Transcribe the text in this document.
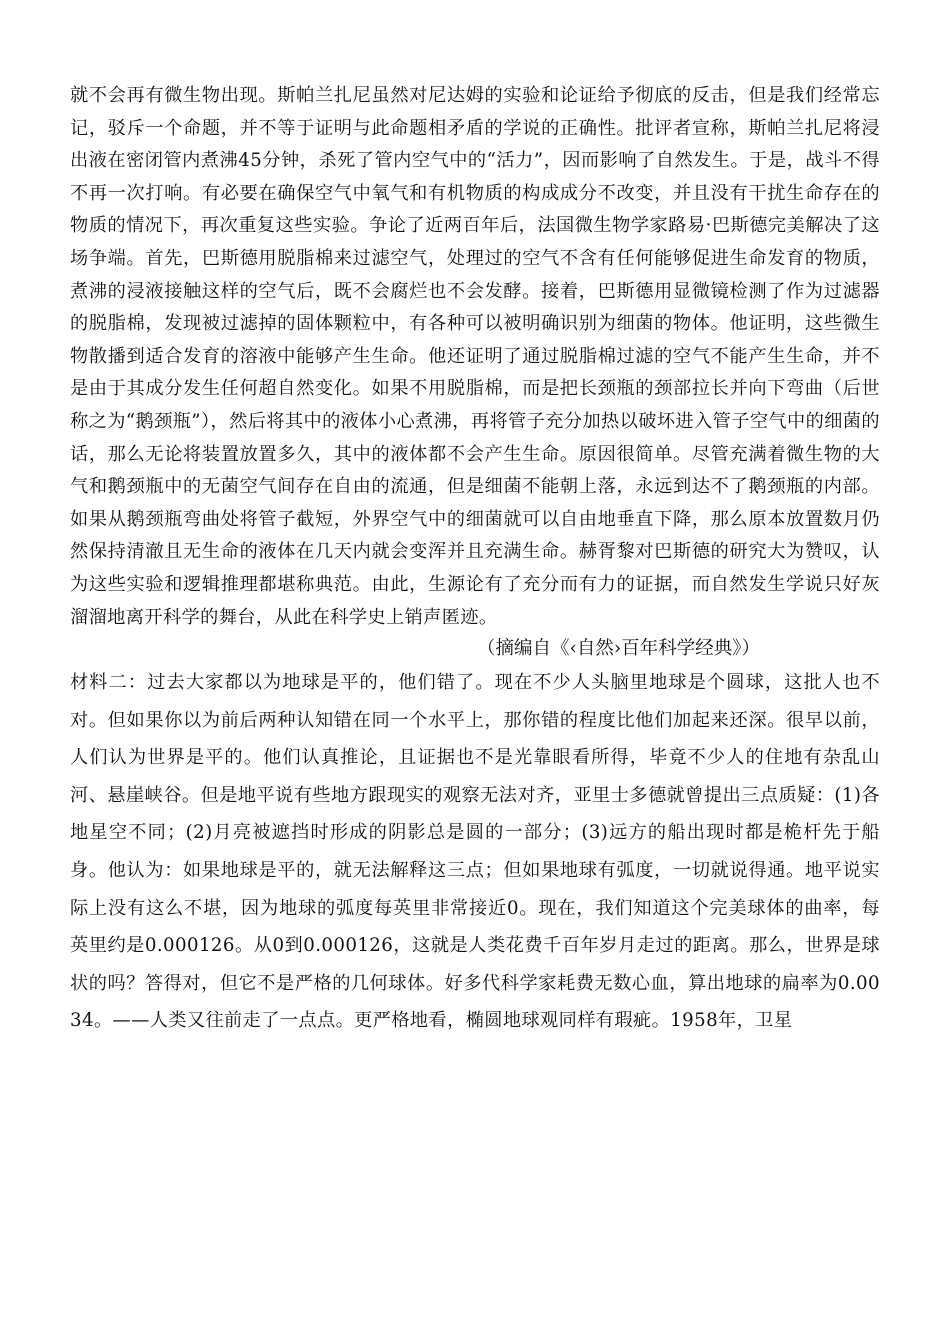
就不会再有微生物出现。斯帕兰扎尼虽然对尼达姆的实验和论证给予彻底的反击，但是我们经常忘记，驳斥一个命题，并不等于证明与此命题相矛盾的学说的正确性。批评者宣称，斯帕兰扎尼将浸出液在密闭管内煮沸45分钟，杀死了管内空气中的“活力”，因而影响了自然发生。于是，战斗不得不再一次打响。有必要在确保空气中氧气和有机物质的构成成分不改变，并且没有干扰生命存在的物质的情况下，再次重复这些实验。争论了近两百年后，法国微生物学家路易·巴斯德完美解决了这场争端。首先，巴斯德用脱脂棉来过滤空气，处理过的空气不含有任何能够促进生命发育的物质，煮沸的浸液接触这样的空气后，既不会腐烂也不会发酵。接着，巴斯德用显微镜检测了作为过滤器的脱脂棉，发现被过滤掉的固体颗粒中，有各种可以被明确识别为细菌的物体。他证明，这些微生物散播到适合发育的溶液中能够产生生命。他还证明了通过脱脂棉过滤的空气不能产生生命，并不是由于其成分发生任何超自然变化。如果不用脱脂棉，而是把长颈瓶的颈部拉长并向下弯曲（后世称之为“鹅颈瓶”），然后将其中的液体小心煮沸，再将管子充分加热以破坏进入管子空气中的细菌的话，那么无论将装置放置多久，其中的液体都不会产生生命。原因很简单。尽管充满着微生物的大气和鹅颈瓶中的无菌空气间存在自由的流通，但是细菌不能朝上落，永远到达不了鹅颈瓶的内部。如果从鹅颈瓶弯曲处将管子截短，外界空气中的细菌就可以自由地垂直下降，那么原本放置数月仍然保持清澈且无生命的液体在几天内就会变浑并且充满生命。赫胥黎对巴斯德的研究大为赞叹，认为这些实验和逻辑推理都堪称典范。由此，生源论有了充分而有力的证据，而自然发生学说只好灰溜溜地离开科学的舞台，从此在科学史上销声匿迹。

（摘编自《‹自然›百年科学经典》）

材料二：过去大家都以为地球是平的，他们错了。现在不少人头脑里地球是个圆球，这批人也不对。但如果你以为前后两种认知错在同一个水平上，那你错的程度比他们加起来还深。很早以前，人们认为世界是平的。他们认真推论，且证据也不是光靠眼看所得，毕竟不少人的住地有杂乱山河、悬崖峡谷。但是地平说有些地方跟现实的观察无法对齐，亚里士多德就曾提出三点质疑：(1)各地星空不同；(2)月亮被遮挡时形成的阴影总是圆的一部分；(3)远方的船出现时都是桅杆先于船身。他认为：如果地球是平的，就无法解释这三点；但如果地球有弧度，一切就说得通。地平说实际上没有这么不堪，因为地球的弧度每英里非常接近0。现在，我们知道这个完美球体的曲率，每英里约是0.000126。从0到0.000126，这就是人类花费千百年岁月走过的距离。那么，世界是球状的吗？答得对，但它不是严格的几何球体。好多代科学家耗费无数心血，算出地球的扁率为0.0034。——人类又往前走了一点点。更严格地看，椭圆地球观同样有瑕疵。1958年，卫星
